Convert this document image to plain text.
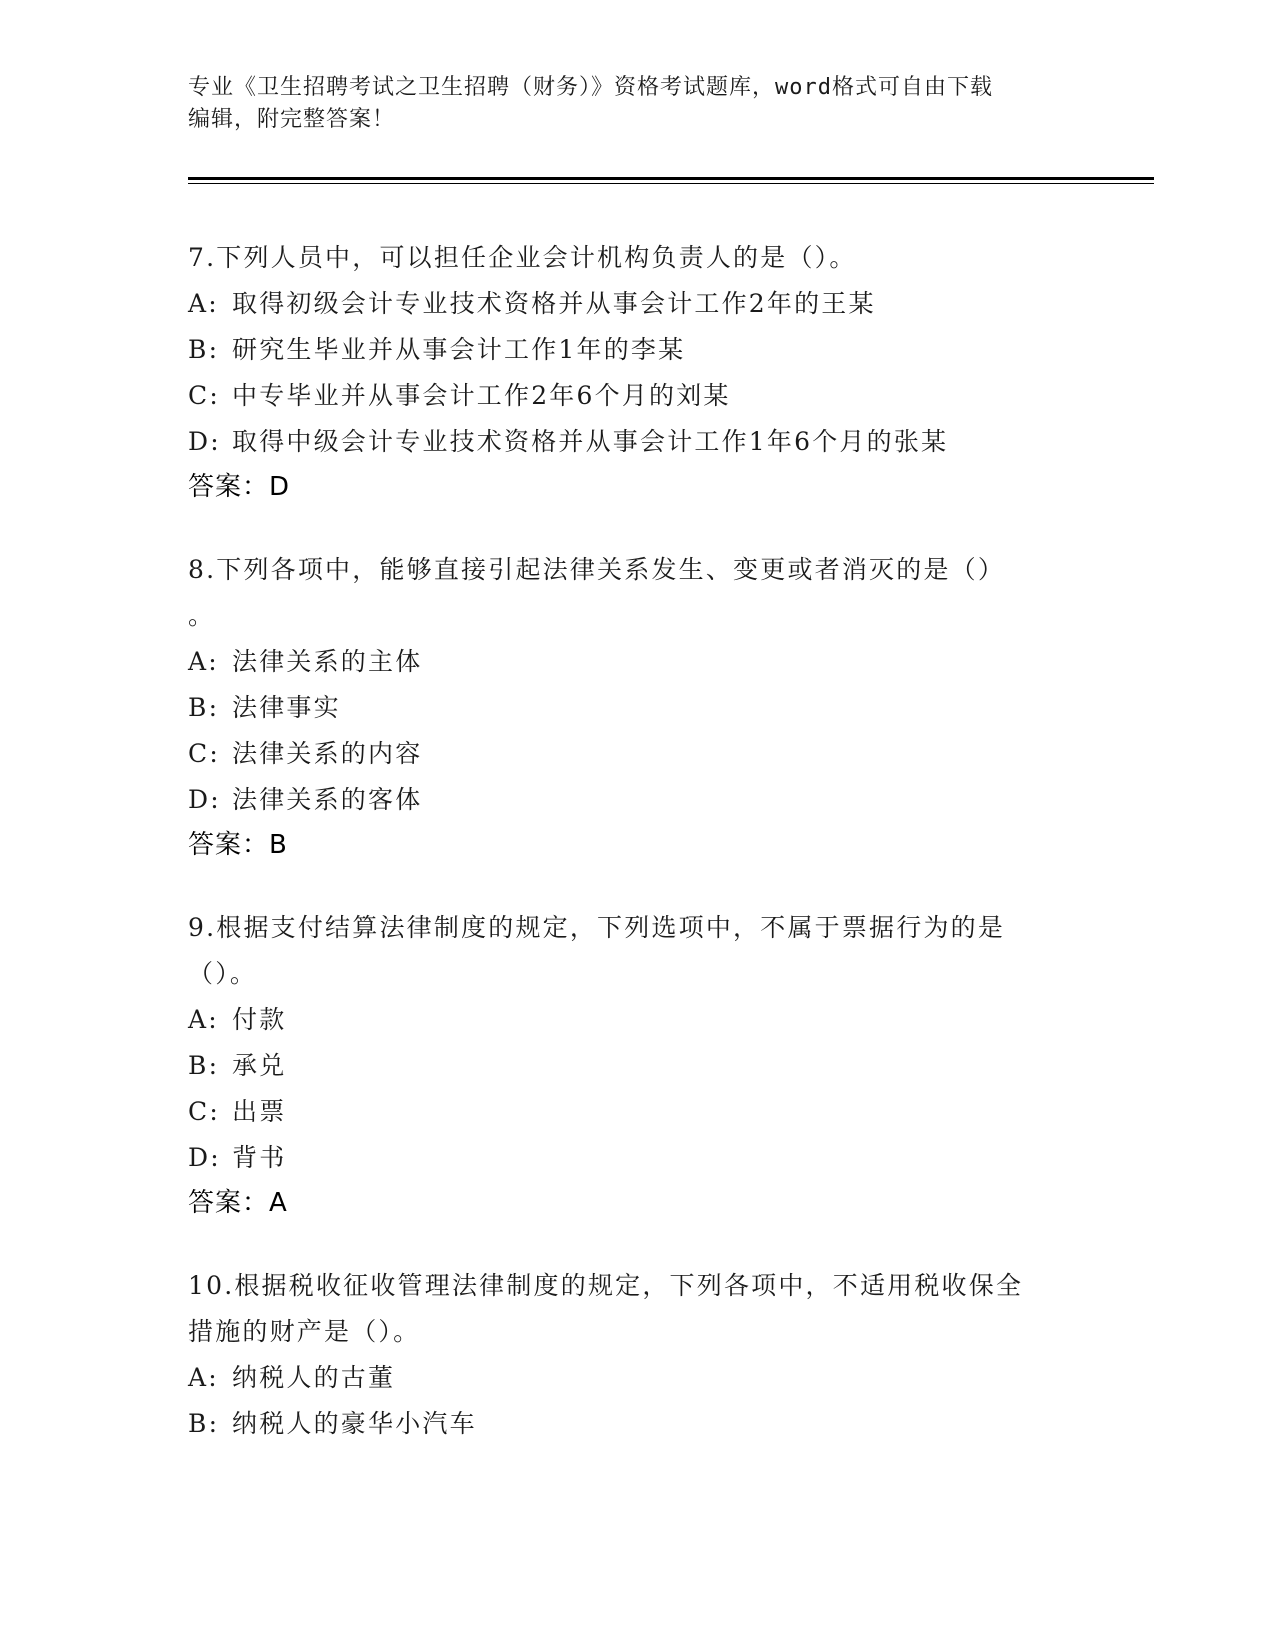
专业《卫生招聘考试之卫生招聘（财务）》资格考试题库，word格式可自由下载
编辑，附完整答案！
7.下列人员中，可以担任企业会计机构负责人的是（）。
A: 取得初级会计专业技术资格并从事会计工作2年的王某
B: 研究生毕业并从事会计工作1年的李某
C: 中专毕业并从事会计工作2年6个月的刘某
D: 取得中级会计专业技术资格并从事会计工作1年6个月的张某
答案：D
8.下列各项中，能够直接引起法律关系发生、变更或者消灭的是（）
。
A: 法律关系的主体
B: 法律事实
C: 法律关系的内容
D: 法律关系的客体
答案：B
9.根据支付结算法律制度的规定，下列选项中，不属于票据行为的是
（）。
A: 付款
B: 承兑
C: 出票
D: 背书
答案：A
10.根据税收征收管理法律制度的规定，下列各项中，不适用税收保全
措施的财产是（）。
A: 纳税人的古董
B: 纳税人的豪华小汽车
